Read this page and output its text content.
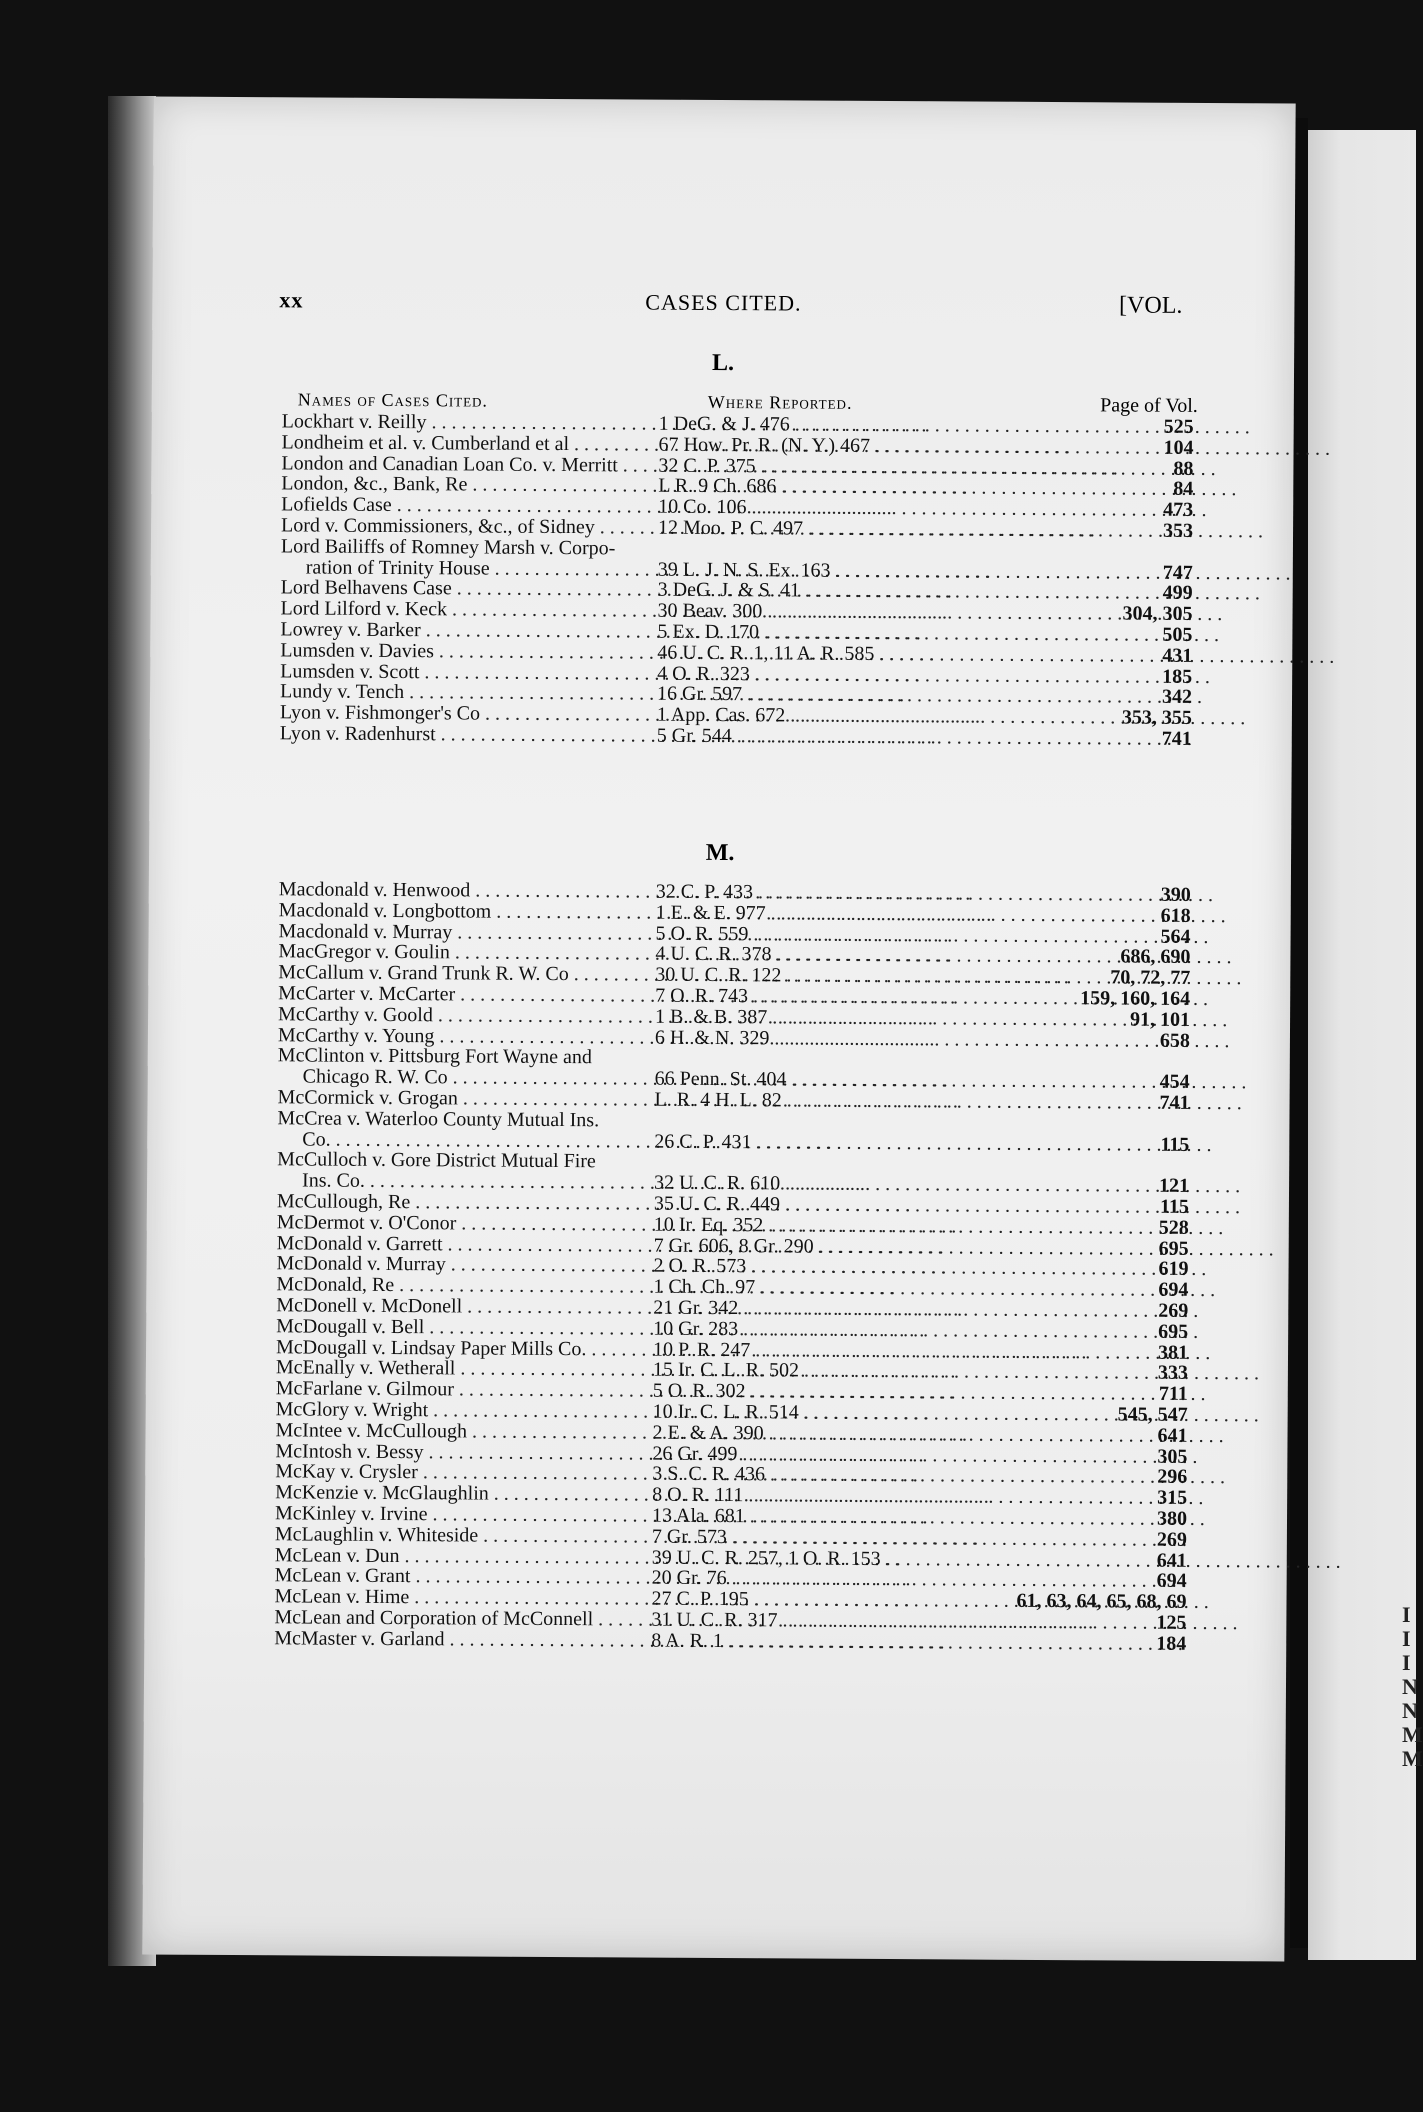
I
I
I
N
N
M
M
xx	CASES CITED.	[VOL.
L.
Names of Cases Cited.	Where Reported.	Page of Vol.
Lockhart v. Reilly . . .	1 DeG. & J. 476 . . .	525
Londheim et al. v. Cumberland et al . . .	67 How. Pr. R. (N. Y.) 467 . . .	104
London and Canadian Loan Co. v. Merritt . . .	32 C. P. 375 . . .	88
London, &c., Bank, Re . . .	L R. 9 Ch. 686 . . .	84
Lofields Case . . .	10 Co. 106 . . .	473
Lord v. Commissioners, &c., of Sidney . . .	12 Moo. P. C. 497 . . .	353
Lord Bailiffs of Romney Marsh v. Corpo-
ration of Trinity House . . .	39 L. J. N. S. Ex. 163 . . .	747
Lord Belhavens Case . . .	3 DeG. J. & S. 41 . . .	499
Lord Lilford v. Keck . . .	30 Beav. 300 . . .	304, 305
Lowrey v. Barker . . .	5 Ex. D. 170 . . .	505
Lumsden v. Davies . . .	46 U. C. R. 1, 11 A. R. 585 . . .	431
Lumsden v. Scott . . .	4 O. R. 323 . . .	185
Lundy v. Tench . . .	16 Gr. 597 . . .	342
Lyon v. Fishmonger's Co . . .	1 App. Cas. 672 . . .	353, 355
Lyon v. Radenhurst . . .	5 Gr. 544 . . .	741
M.
Macdonald v. Henwood . . .	32 C. P. 433 . . .	390
Macdonald v. Longbottom . . .	1 E. & E. 977 . . .	618
Macdonald v. Murray . . .	5 O. R. 559 . . .	564
MacGregor v. Goulin . . .	4 U. C. R. 378 . . .	686, 690
McCallum v. Grand Trunk R. W. Co . . .	30 U. C. R. 122 . . .	70, 72, 77
McCarter v. McCarter . . .	7 O. R. 743 . . .	159, 160, 164
McCarthy v. Goold . . .	1 B. & B. 387 . . .	91, 101
McCarthy v. Young . . .	6 H. & N. 329 . . .	658
McClinton v. Pittsburg Fort Wayne and
Chicago R. W. Co . . .	66 Penn. St. 404 . . .	454
McCormick v. Grogan . . .	L. R. 4 H. L. 82 . . .	741
McCrea v. Waterloo County Mutual Ins.
Co. . . .	26 C. P. 431 . . .	115
McCulloch v. Gore District Mutual Fire
Ins. Co. . . .	32 U. C. R. 610 . . .	121
McCullough, Re . . .	35 U. C. R. 449 . . .	115
McDermot v. O'Conor . . .	10 Ir. Eq. 352 . . .	528
McDonald v. Garrett . . .	7 Gr. 606, 8 Gr. 290 . . .	695
McDonald v. Murray . . .	2 O. R. 573 . . .	619
McDonald, Re . . .	1 Ch. Ch. 97 . . .	694
McDonell v. McDonell . . .	21 Gr. 342 . . .	269
McDougall v. Bell . . .	10 Gr. 283 . . .	695
McDougall v. Lindsay Paper Mills Co. . . .	10 P. R. 247 . . .	381
McEnally v. Wetherall . . .	15 Ir. C. L. R. 502 . . .	333
McFarlane v. Gilmour . . .	5 O. R. 302 . . .	711
McGlory v. Wright . . .	10 Ir. C. L. R. 514 . . .	545, 547
McIntee v. McCullough . . .	2 E. & A. 390 . . .	641
McIntosh v. Bessy . . .	26 Gr. 499 . . .	305
McKay v. Crysler . . .	3 S. C. R. 436 . . .	296
McKenzie v. McGlaughlin . . .	8 O. R. 111 . . .	315
McKinley v. Irvine . . .	13 Ala. 681 . . .	380
McLaughlin v. Whiteside . . .	7 Gr. 573 . . .	269
McLean v. Dun . . .	39 U. C. R. 257, 1 O. R. 153 . . .	641
McLean v. Grant . . .	20 Gr. 76 . . .	694
McLean v. Hime . . .	27 C. P. 195 . . .	61, 63, 64, 65, 68, 69
McLean and Corporation of McConnell . . .	31 U. C. R. 317 . . .	125
McMaster v. Garland . . .	8 A. R. 1 . . .	184
